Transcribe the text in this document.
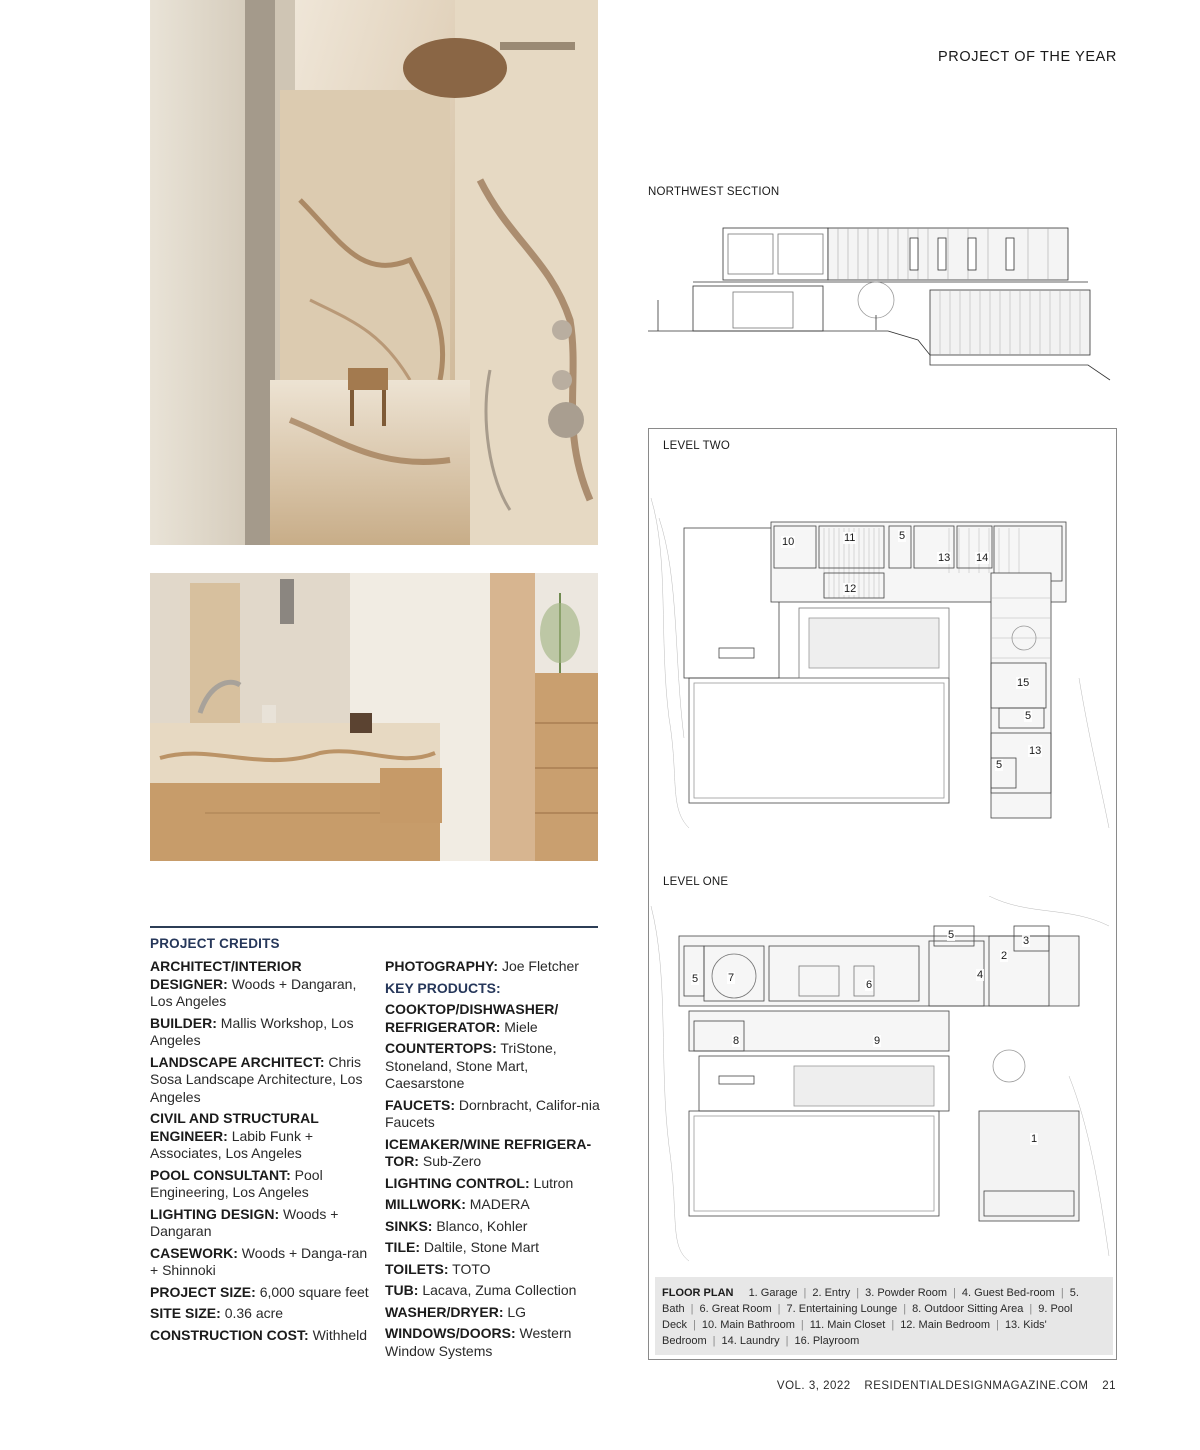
PROJECT OF THE YEAR
PROJECT CREDITS
ARCHITECT/INTERIOR DESIGNER: Woods + Dangaran, Los Angeles
BUILDER: Mallis Workshop, Los Angeles
LANDSCAPE ARCHITECT: Chris Sosa Landscape Architecture, Los Angeles
CIVIL AND STRUCTURAL ENGINEER: Labib Funk + Associates, Los Angeles
POOL CONSULTANT: Pool Engineering, Los Angeles
LIGHTING DESIGN: Woods + Dangaran
CASEWORK: Woods + Danga-ran + Shinnoki
PROJECT SIZE: 6,000 square feet
SITE SIZE: 0.36 acre
CONSTRUCTION COST: Withheld
PHOTOGRAPHY: Joe Fletcher
KEY PRODUCTS:
COOKTOP/DISHWASHER/ REFRIGERATOR: Miele
COUNTERTOPS: TriStone, Stoneland, Stone Mart, Caesarstone
FAUCETS: Dornbracht, Califor-nia Faucets
ICEMAKER/WINE REFRIGERA-TOR: Sub-Zero
LIGHTING CONTROL: Lutron
MILLWORK: MADERA
SINKS: Blanco, Kohler
TILE: Daltile, Stone Mart
TOILETS: TOTO
TUB: Lacava, Zuma Collection
WASHER/DRYER: LG
WINDOWS/DOORS: Western Window Systems
NORTHWEST SECTION
LEVEL TWO
LEVEL ONE
10	11	5
13 14
12
15
5
13
5
5	3
2
4
5	7
6
8	9
1
FLOOR PLAN 1. Garage | 2. Entry | 3. Powder Room | 4. Guest Bed-room | 5. Bath | 6. Great Room | 7. Entertaining Lounge | 8. Outdoor Sitting Area | 9. Pool Deck | 10. Main Bathroom | 11. Main Closet | 12. Main Bedroom | 13. Kids' Bedroom | 14. Laundry | 16. Playroom
VOL. 3, 2022 RESIDENTIALDESIGNMAGAZINE.COM 21
